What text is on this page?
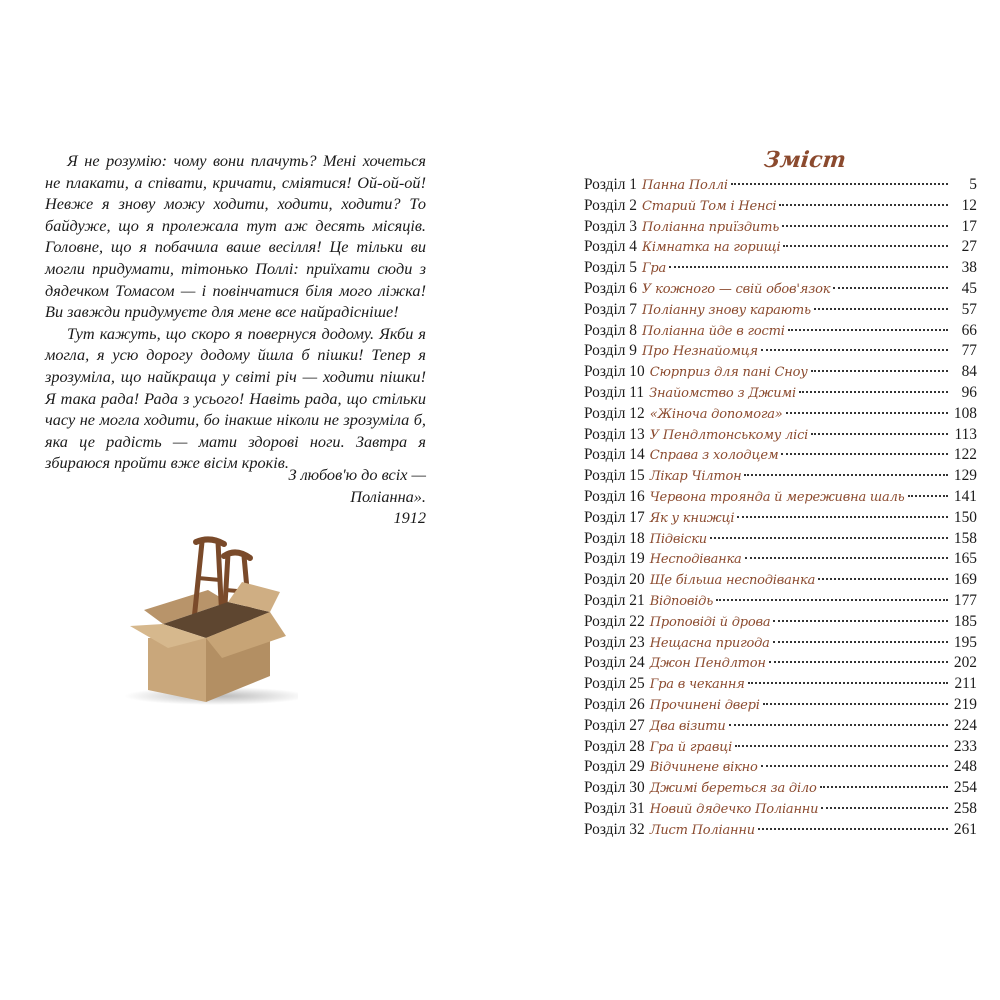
Я не розумію: чому вони плачуть? Мені хочеться не плакати, а співати, кричати, сміятися! Ой-ой-ой! Невже я знову можу ходити, ходити, ходити? То байдуже, що я пролежала тут аж десять місяців. Головне, що я побачила ваше весілля! Це тільки ви могли придумати, тітонько Поллі: приїхати сюди з дядечком Томасом — і повінчатися біля мого ліжка! Ви завжди придумуєте для мене все найрадісніше!

Тут кажуть, що скоро я повернуся додому. Якби я могла, я усю дорогу додому йшла б пішки! Тепер я зрозуміла, що найкраща у світі річ — ходити пішки! Я така рада! Рада з усього! Навіть рада, що стільки часу не могла ходити, бо інакше ніколи не зрозуміла б, яка це радість — мати здорові ноги. Завтра я збираюся пройти вже вісім кроків.

З любов'ю до всіх —
Поліанна».
1912
Зміст
Розділ 1 Панна Поллі	5
Розділ 2 Старий Том і Ненсі	12
Розділ 3 Поліанна приїздить	17
Розділ 4 Кімнатка на горищі	27
Розділ 5 Гра	38
Розділ 6 У кожного — свій обов'язок	45
Розділ 7 Поліанну знову карають	57
Розділ 8 Поліанна йде в гості	66
Розділ 9 Про Незнайомця	77
Розділ 10 Сюрприз для пані Сноу	84
Розділ 11 Знайомство з Джимі	96
Розділ 12 «Жіноча допомога»	108
Розділ 13 У Пендлтонському лісі	113
Розділ 14 Справа з холодцем	122
Розділ 15 Лікар Чілтон	129
Розділ 16 Червона троянда й мереживна шаль	141
Розділ 17 Як у книжці	150
Розділ 18 Підвіски	158
Розділ 19 Несподіванка	165
Розділ 20 Ще більша несподіванка	169
Розділ 21 Відповідь	177
Розділ 22 Проповіді й дрова	185
Розділ 23 Нещасна пригода	195
Розділ 24 Джон Пендлтон	202
Розділ 25 Гра в чекання	211
Розділ 26 Прочинені двері	219
Розділ 27 Два візити	224
Розділ 28 Гра й гравці	233
Розділ 29 Відчинене вікно	248
Розділ 30 Джимі береться за діло	254
Розділ 31 Новий дядечко Поліанни	258
Розділ 32 Лист Поліанни	261
